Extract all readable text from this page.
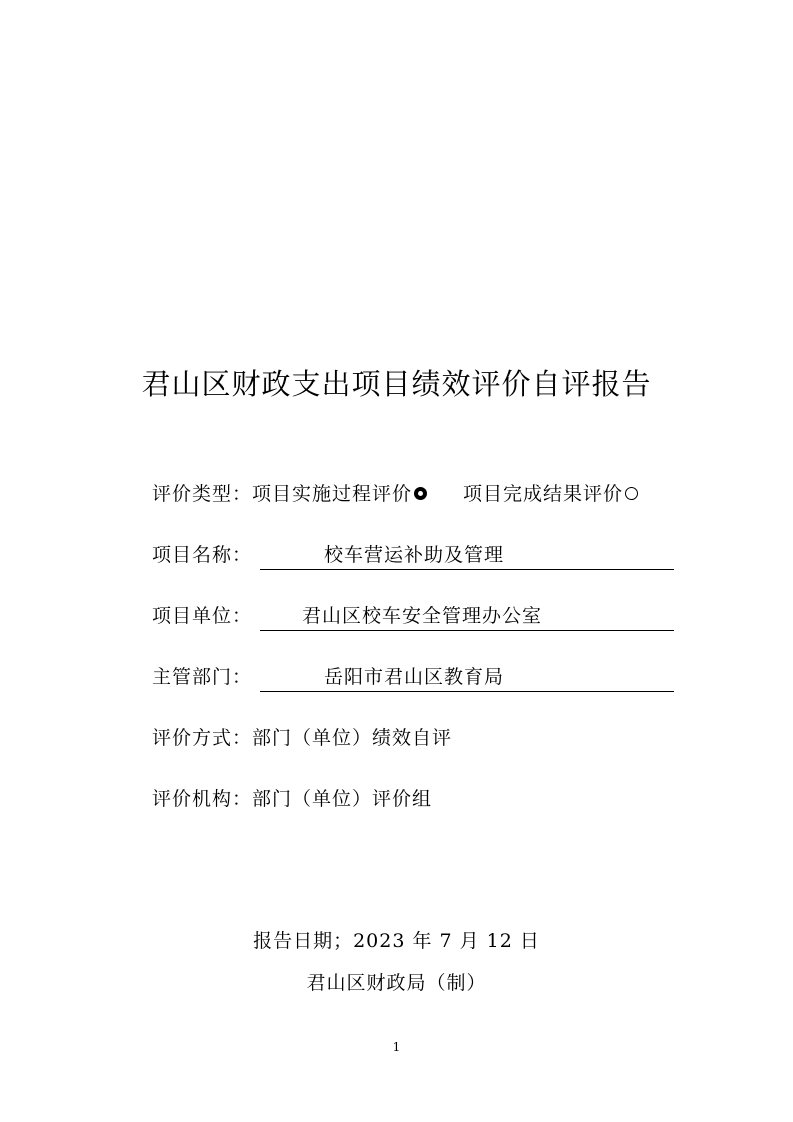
君山区财政支出项目绩效评价自评报告
评价类型：项目实施过程评价	项目完成结果评价
项目名称：	校车营运补助及管理
项目单位：	君山区校车安全管理办公室
主管部门：	岳阳市君山区教育局
评价方式：部门（单位）绩效自评
评价机构：部门（单位）评价组
报告日期；2023 年 7 月 12 日
君山区财政局（制）
1
